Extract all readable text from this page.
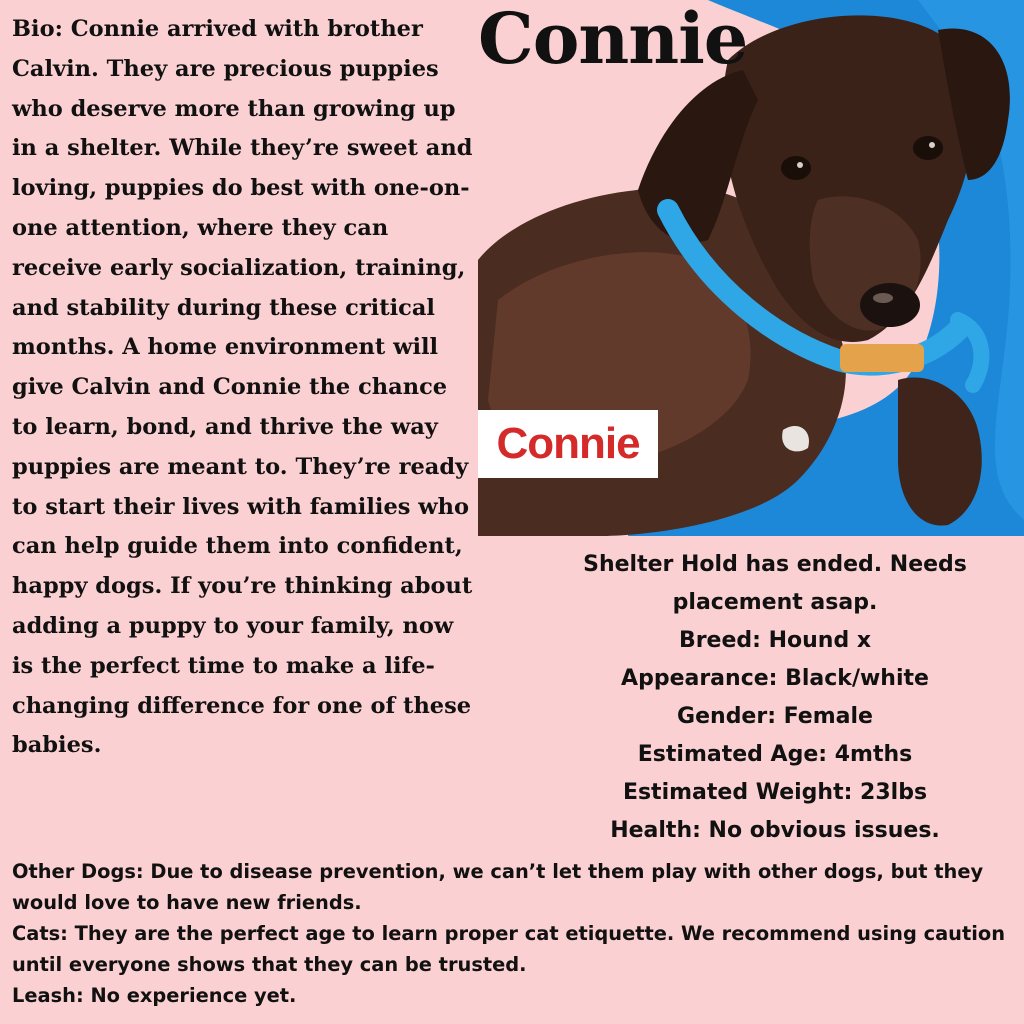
Connie

Bio: Connie arrived with brother Calvin. They are precious puppies who deserve more than growing up in a shelter. While they’re sweet and loving, puppies do best with one-on-one attention, where they can receive early socialization, training, and stability during these critical months. A home environment will give Calvin and Connie the chance to learn, bond, and thrive the way puppies are meant to. They’re ready to start their lives with families who can help guide them into confident, happy dogs. If you’re thinking about adding a puppy to your family, now is the perfect time to make a life-changing difference for one of these babies.

Connie
Shelter Hold has ended. Needs placement asap.
Breed: Hound x
Appearance: Black/white
Gender: Female
Estimated Age: 4mths
Estimated Weight: 23lbs
Health: No obvious issues.
Other Dogs: Due to disease prevention, we can’t let them play with other dogs, but they would love to have new friends.
Cats: They are the perfect age to learn proper cat etiquette. We recommend using caution until everyone shows that they can be trusted.
Leash: No experience yet.
